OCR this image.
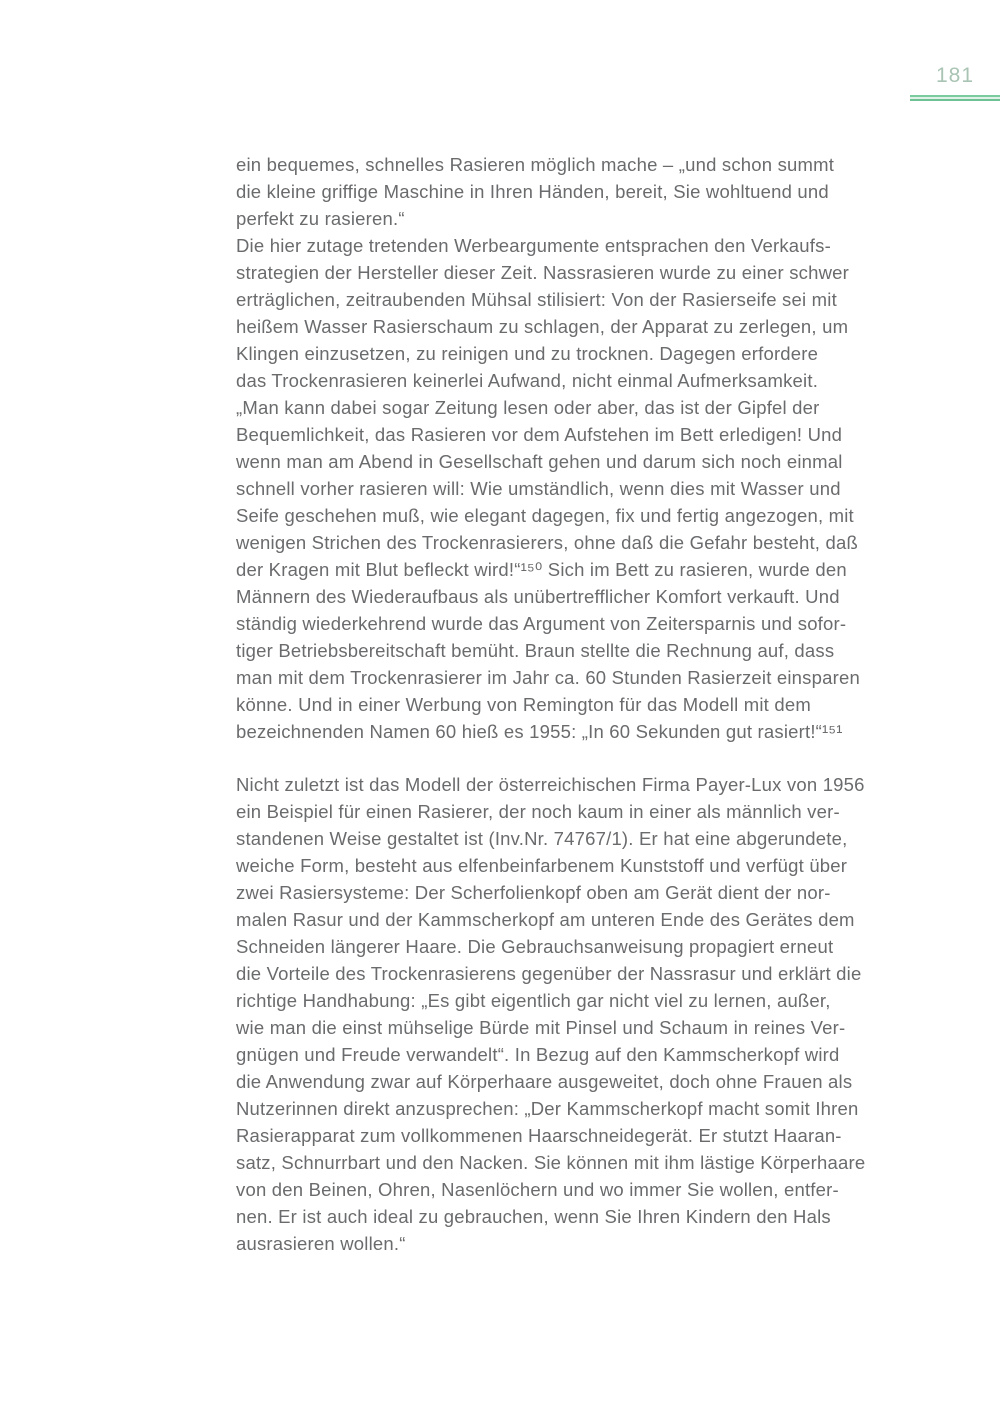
181
ein bequemes, schnelles Rasieren möglich mache – „und schon summt
die kleine griffige Maschine in Ihren Händen, bereit, Sie wohltuend und
perfekt zu rasieren.“
Die hier zutage tretenden Werbeargumente entsprachen den Verkaufs-
strategien der Hersteller dieser Zeit. Nassrasieren wurde zu einer schwer
erträglichen, zeitraubenden Mühsal stilisiert: Von der Rasierseife sei mit
heißem Wasser Rasierschaum zu schlagen, der Apparat zu zerlegen, um
Klingen einzusetzen, zu reinigen und zu trocknen. Dagegen erfordere
das Trockenrasieren keinerlei Aufwand, nicht einmal Aufmerksamkeit.
„Man kann dabei sogar Zeitung lesen oder aber, das ist der Gipfel der
Bequemlichkeit, das Rasieren vor dem Aufstehen im Bett erledigen! Und
wenn man am Abend in Gesellschaft gehen und darum sich noch einmal
schnell vorher rasieren will: Wie umständlich, wenn dies mit Wasser und
Seife geschehen muß, wie elegant dagegen, fix und fertig angezogen, mit
wenigen Strichen des Trockenrasierers, ohne daß die Gefahr besteht, daß
der Kragen mit Blut befleckt wird!“¹⁵⁰ Sich im Bett zu rasieren, wurde den
Männern des Wiederaufbaus als unübertrefflicher Komfort verkauft. Und
ständig wiederkehrend wurde das Argument von Zeitersparnis und sofor-
tiger Betriebsbereitschaft bemüht. Braun stellte die Rechnung auf, dass
man mit dem Trockenrasierer im Jahr ca. 60 Stunden Rasierzeit einsparen
könne. Und in einer Werbung von Remington für das Modell mit dem
bezeichnenden Namen 60 hieß es 1955: „In 60 Sekunden gut rasiert!“¹⁵¹
Nicht zuletzt ist das Modell der österreichischen Firma Payer-Lux von 1956
ein Beispiel für einen Rasierer, der noch kaum in einer als männlich ver-
standenen Weise gestaltet ist (Inv.Nr. 74767/1). Er hat eine abgerundete,
weiche Form, besteht aus elfenbeinfarbenem Kunststoff und verfügt über
zwei Rasiersysteme: Der Scherfolienkopf oben am Gerät dient der nor-
malen Rasur und der Kammscherkopf am unteren Ende des Gerätes dem
Schneiden längerer Haare. Die Gebrauchsanweisung propagiert erneut
die Vorteile des Trockenrasierens gegenüber der Nassrasur und erklärt die
richtige Handhabung: „Es gibt eigentlich gar nicht viel zu lernen, außer,
wie man die einst mühselige Bürde mit Pinsel und Schaum in reines Ver-
gnügen und Freude verwandelt“. In Bezug auf den Kammscherkopf wird
die Anwendung zwar auf Körperhaare ausgeweitet, doch ohne Frauen als
Nutzerinnen direkt anzusprechen: „Der Kammscherkopf macht somit Ihren
Rasierapparat zum vollkommenen Haarschneidegerät. Er stutzt Haaran-
satz, Schnurrbart und den Nacken. Sie können mit ihm lästige Körperhaare
von den Beinen, Ohren, Nasenlöchern und wo immer Sie wollen, entfer-
nen. Er ist auch ideal zu gebrauchen, wenn Sie Ihren Kindern den Hals
ausrasieren wollen.“
